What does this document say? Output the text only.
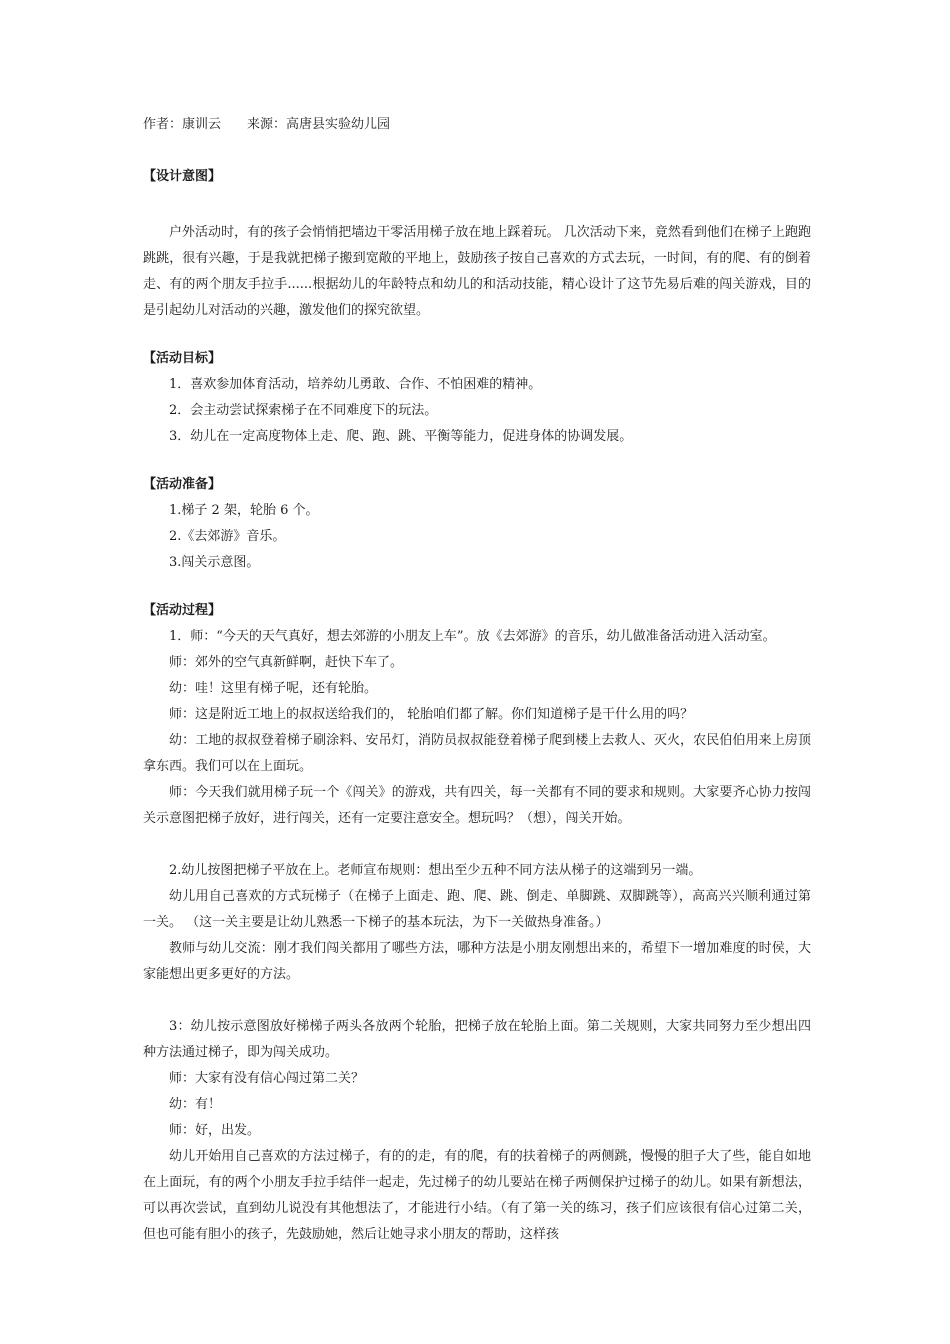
作者：康训云 来源：高唐县实验幼儿园

【设计意图】

户外活动时，有的孩子会悄悄把墙边干零活用梯子放在地上踩着玩。 几次活动下来，竟然看到他们在梯子上跑跑跳跳，很有兴趣，于是我就把梯子搬到宽敞的平地上，鼓励孩子按自己喜欢的方式去玩，一时间，有的爬、有的倒着走、有的两个朋友手拉手......根据幼儿的年龄特点和幼儿的和活动技能，精心设计了这节先易后难的闯关游戏，目的是引起幼儿对活动的兴趣，激发他们的探究欲望。

【活动目标】

1．喜欢参加体育活动，培养幼儿勇敢、合作、不怕困难的精神。

2．会主动尝试探索梯子在不同难度下的玩法。

3．幼儿在一定高度物体上走、爬、跑、跳、平衡等能力，促进身体的协调发展。

【活动准备】

1.梯子 2 架，轮胎 6 个。

2.《去郊游》音乐。

3.闯关示意图。

【活动过程】

1．师：“今天的天气真好，想去郊游的小朋友上车”。放《去郊游》的音乐，幼儿做准备活动进入活动室。

师：郊外的空气真新鲜啊，赶快下车了。

幼：哇！这里有梯子呢，还有轮胎。

师：这是附近工地上的叔叔送给我们的， 轮胎咱们都了解。你们知道梯子是干什么用的吗？

幼：工地的叔叔登着梯子刷涂料、安吊灯，消防员叔叔能登着梯子爬到楼上去救人、灭火，农民伯伯用来上房顶拿东西。我们可以在上面玩。

师：今天我们就用梯子玩一个《闯关》的游戏，共有四关，每一关都有不同的要求和规则。大家要齐心协力按闯关示意图把梯子放好，进行闯关，还有一定要注意安全。想玩吗？（想），闯关开始。

2.幼儿按图把梯子平放在上。老师宣布规则：想出至少五种不同方法从梯子的这端到另一端。

幼儿用自己喜欢的方式玩梯子（在梯子上面走、跑、爬、跳、倒走、单脚跳、双脚跳等），高高兴兴顺利通过第一关。 （这一关主要是让幼儿熟悉一下梯子的基本玩法，为下一关做热身准备。）

教师与幼儿交流：刚才我们闯关都用了哪些方法，哪种方法是小朋友刚想出来的，希望下一增加难度的时侯，大家能想出更多更好的方法。

3：幼儿按示意图放好梯梯子两头各放两个轮胎，把梯子放在轮胎上面。第二关规则，大家共同努力至少想出四种方法通过梯子，即为闯关成功。

师：大家有没有信心闯过第二关？

幼：有！

师：好，出发。

幼儿开始用自己喜欢的方法过梯子，有的的走，有的爬，有的扶着梯子的两侧跳，慢慢的胆子大了些，能自如地在上面玩，有的两个小朋友手拉手结伴一起走，先过梯子的幼儿要站在梯子两侧保护过梯子的幼儿。如果有新想法，可以再次尝试，直到幼儿说没有其他想法了，才能进行小结。（有了第一关的练习，孩子们应该很有信心过第二关，但也可能有胆小的孩子，先鼓励她，然后让她寻求小朋友的帮助，这样孩
